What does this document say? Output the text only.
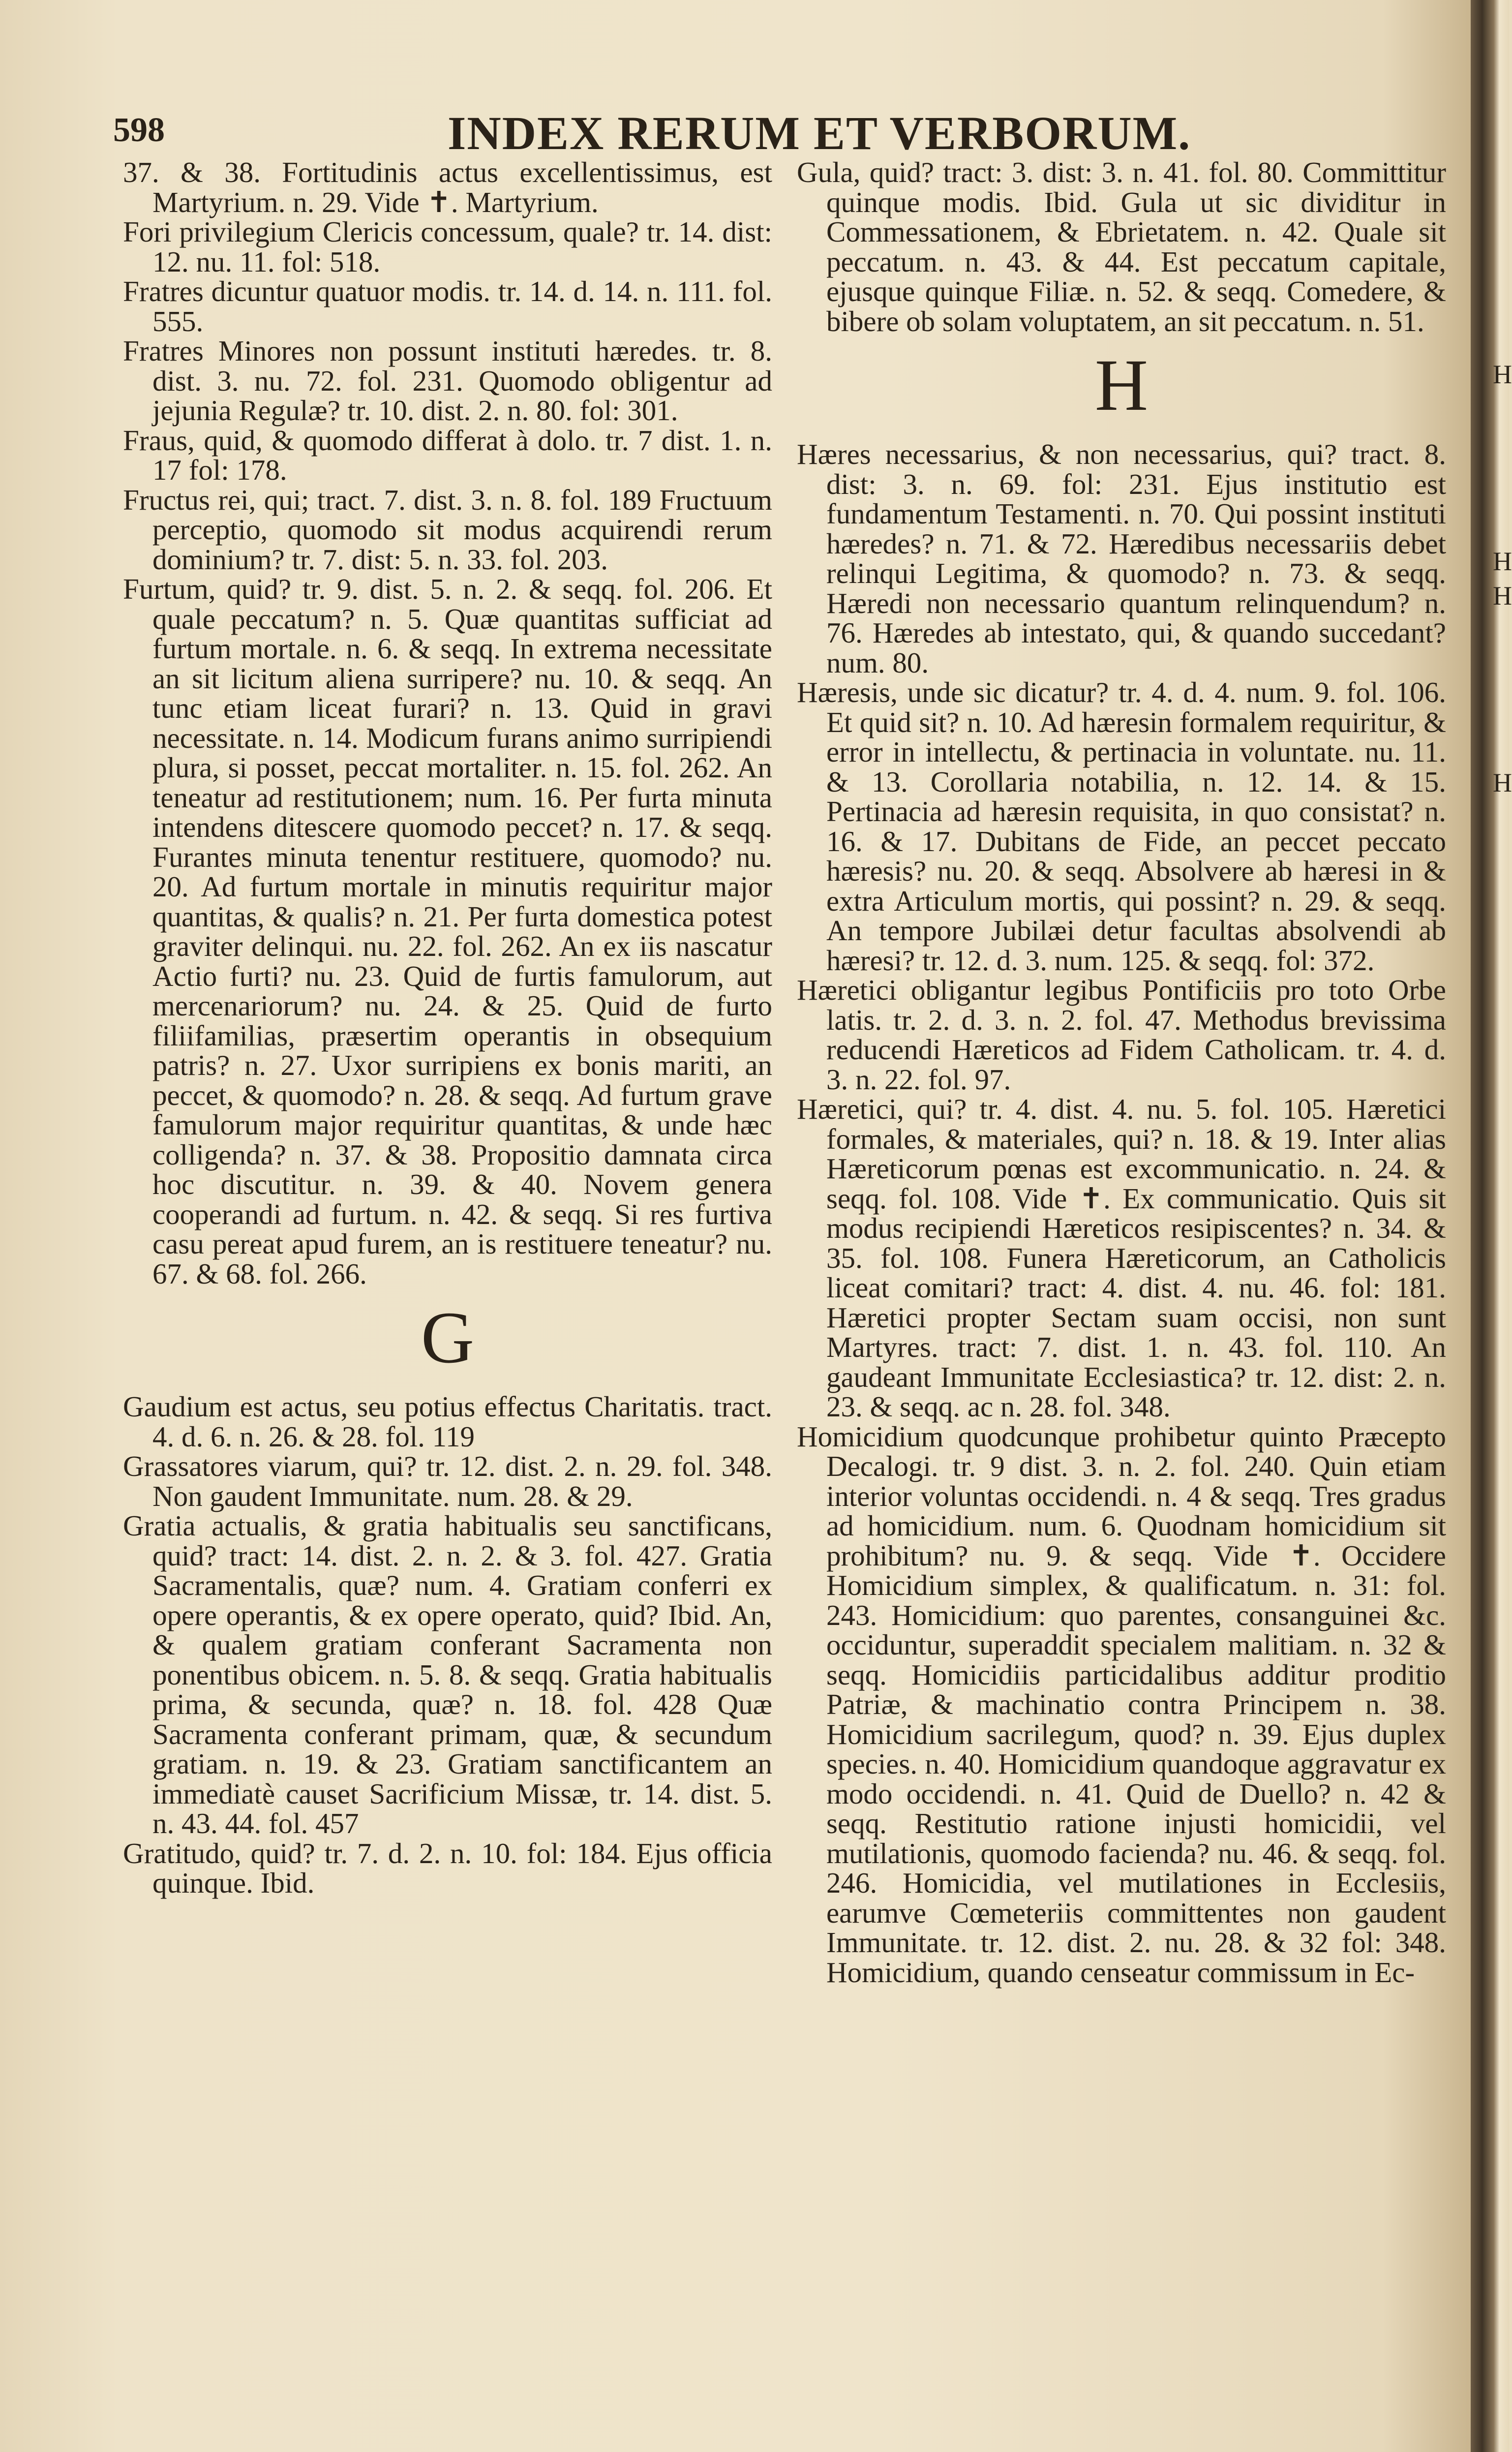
H
H
H
H
598	INDEX RERUM ET VERBORUM.

37. & 38. Fortitudinis actus excellentissimus, est Martyrium. n. 29. Vide ✝. Martyrium.

Fori privilegium Clericis concessum, quale? tr. 14. dist: 12. nu. 11. fol: 518.

Fratres dicuntur quatuor modis. tr. 14. d. 14. n. 111. fol. 555.

Fratres Minores non possunt instituti hæredes. tr. 8. dist. 3. nu. 72. fol. 231. Quomodo obligentur ad jejunia Regulæ? tr. 10. dist. 2. n. 80. fol: 301.

Fraus, quid, & quomodo differat à dolo. tr. 7 dist. 1. n. 17 fol: 178.

Fructus rei, qui; tract. 7. dist. 3. n. 8. fol. 189 Fructuum perceptio, quomodo sit modus acquirendi rerum dominium? tr. 7. dist: 5. n. 33. fol. 203.

Furtum, quid? tr. 9. dist. 5. n. 2. & seqq. fol. 206. Et quale peccatum? n. 5. Quæ quantitas sufficiat ad furtum mortale. n. 6. & seqq. In extrema necessitate an sit licitum aliena surripere? nu. 10. & seqq. An tunc etiam liceat furari? n. 13. Quid in gravi necessitate. n. 14. Modicum furans animo surripiendi plura, si posset, peccat mortaliter. n. 15. fol. 262. An teneatur ad restitutionem; num. 16. Per furta minuta intendens ditescere quomodo peccet? n. 17. & seqq. Furantes minuta tenentur restituere, quomodo? nu. 20. Ad furtum mortale in minutis requiritur major quantitas, & qualis? n. 21. Per furta domestica potest graviter delinqui. nu. 22. fol. 262. An ex iis nascatur Actio furti? nu. 23. Quid de furtis famulorum, aut mercenariorum? nu. 24. & 25. Quid de furto filiifamilias, præsertim operantis in obsequium patris? n. 27. Uxor surripiens ex bonis mariti, an peccet, & quomodo? n. 28. & seqq. Ad furtum grave famulorum major requiritur quantitas, & unde hæc colligenda? n. 37. & 38. Propositio damnata circa hoc discutitur. n. 39. & 40. Novem genera cooperandi ad furtum. n. 42. & seqq. Si res furtiva casu pereat apud furem, an is restituere teneatur? nu. 67. & 68. fol. 266.

G

Gaudium est actus, seu potius effectus Charitatis. tract. 4. d. 6. n. 26. & 28. fol. 119

Grassatores viarum, qui? tr. 12. dist. 2. n. 29. fol. 348. Non gaudent Immunitate. num. 28. & 29.

Gratia actualis, & gratia habitualis seu sanctificans, quid? tract: 14. dist. 2. n. 2. & 3. fol. 427. Gratia Sacramentalis, quæ? num. 4. Gratiam conferri ex opere operantis, & ex opere operato, quid? Ibid. An, & qualem gratiam conferant Sacramenta non ponentibus obicem. n. 5. 8. & seqq. Gratia habitualis prima, & secunda, quæ? n. 18. fol. 428 Quæ Sacramenta conferant primam, quæ, & secundum gratiam. n. 19. & 23. Gratiam sanctificantem an immediatè causet Sacrificium Missæ, tr. 14. dist. 5. n. 43. 44. fol. 457

Gratitudo, quid? tr. 7. d. 2. n. 10. fol: 184. Ejus officia quinque. Ibid.

Gula, quid? tract: 3. dist: 3. n. 41. fol. 80. Committitur quinque modis. Ibid. Gula ut sic dividitur in Commessationem, & Ebrietatem. n. 42. Quale sit peccatum. n. 43. & 44. Est peccatum capitale, ejusque quinque Filiæ. n. 52. & seqq. Comedere, & bibere ob solam voluptatem, an sit peccatum. n. 51.

H

Hæres necessarius, & non necessarius, qui? tract. 8. dist: 3. n. 69. fol: 231. Ejus institutio est fundamentum Testamenti. n. 70. Qui possint instituti hæredes? n. 71. & 72. Hæredibus necessariis debet relinqui Legitima, & quomodo? n. 73. & seqq. Hæredi non necessario quantum relinquendum? n. 76. Hæredes ab intestato, qui, & quando succedant? num. 80.

Hæresis, unde sic dicatur? tr. 4. d. 4. num. 9. fol. 106. Et quid sit? n. 10. Ad hæresin formalem requiritur, & error in intellectu, & pertinacia in voluntate. nu. 11. & 13. Corollaria notabilia, n. 12. 14. & 15. Pertinacia ad hæresin requisita, in quo consistat? n. 16. & 17. Dubitans de Fide, an peccet peccato hæresis? nu. 20. & seqq. Absolvere ab hæresi in & extra Articulum mortis, qui possint? n. 29. & seqq. An tempore Jubilæi detur facultas absolvendi ab hæresi? tr. 12. d. 3. num. 125. & seqq. fol: 372.

Hæretici obligantur legibus Pontificiis pro toto Orbe latis. tr. 2. d. 3. n. 2. fol. 47. Methodus brevissima reducendi Hæreticos ad Fidem Catholicam. tr. 4. d. 3. n. 22. fol. 97.

Hæretici, qui? tr. 4. dist. 4. nu. 5. fol. 105. Hæretici formales, & materiales, qui? n. 18. & 19. Inter alias Hæreticorum pœnas est excommunicatio. n. 24. & seqq. fol. 108. Vide ✝. Ex communicatio. Quis sit modus recipiendi Hæreticos resipiscentes? n. 34. & 35. fol. 108. Funera Hæreticorum, an Catholicis liceat comitari? tract: 4. dist. 4. nu. 46. fol: 181. Hæretici propter Sectam suam occisi, non sunt Martyres. tract: 7. dist. 1. n. 43. fol. 110. An gaudeant Immunitate Ecclesiastica? tr. 12. dist: 2. n. 23. & seqq. ac n. 28. fol. 348.

Homicidium quodcunque prohibetur quinto Præcepto Decalogi. tr. 9 dist. 3. n. 2. fol. 240. Quin etiam interior voluntas occidendi. n. 4 & seqq. Tres gradus ad homicidium. num. 6. Quodnam homicidium sit prohibitum? nu. 9. & seqq. Vide ✝. Occidere Homicidium simplex, & qualificatum. n. 31: fol. 243. Homicidium: quo parentes, consanguinei &c. occiduntur, superaddit specialem malitiam. n. 32 & seqq. Homicidiis particidalibus additur proditio Patriæ, & machinatio contra Principem n. 38. Homicidium sacrilegum, quod? n. 39. Ejus duplex species. n. 40. Homicidium quandoque aggravatur ex modo occidendi. n. 41. Quid de Duello? n. 42 & seqq. Restitutio ratione injusti homicidii, vel mutilationis, quomodo facienda? nu. 46. & seqq. fol. 246. Homicidia, vel mutilationes in Ecclesiis, earumve Cœmeteriis committentes non gaudent Immunitate. tr. 12. dist. 2. nu. 28. & 32 fol: 348. Homicidium, quando censeatur commissum in Ec-
